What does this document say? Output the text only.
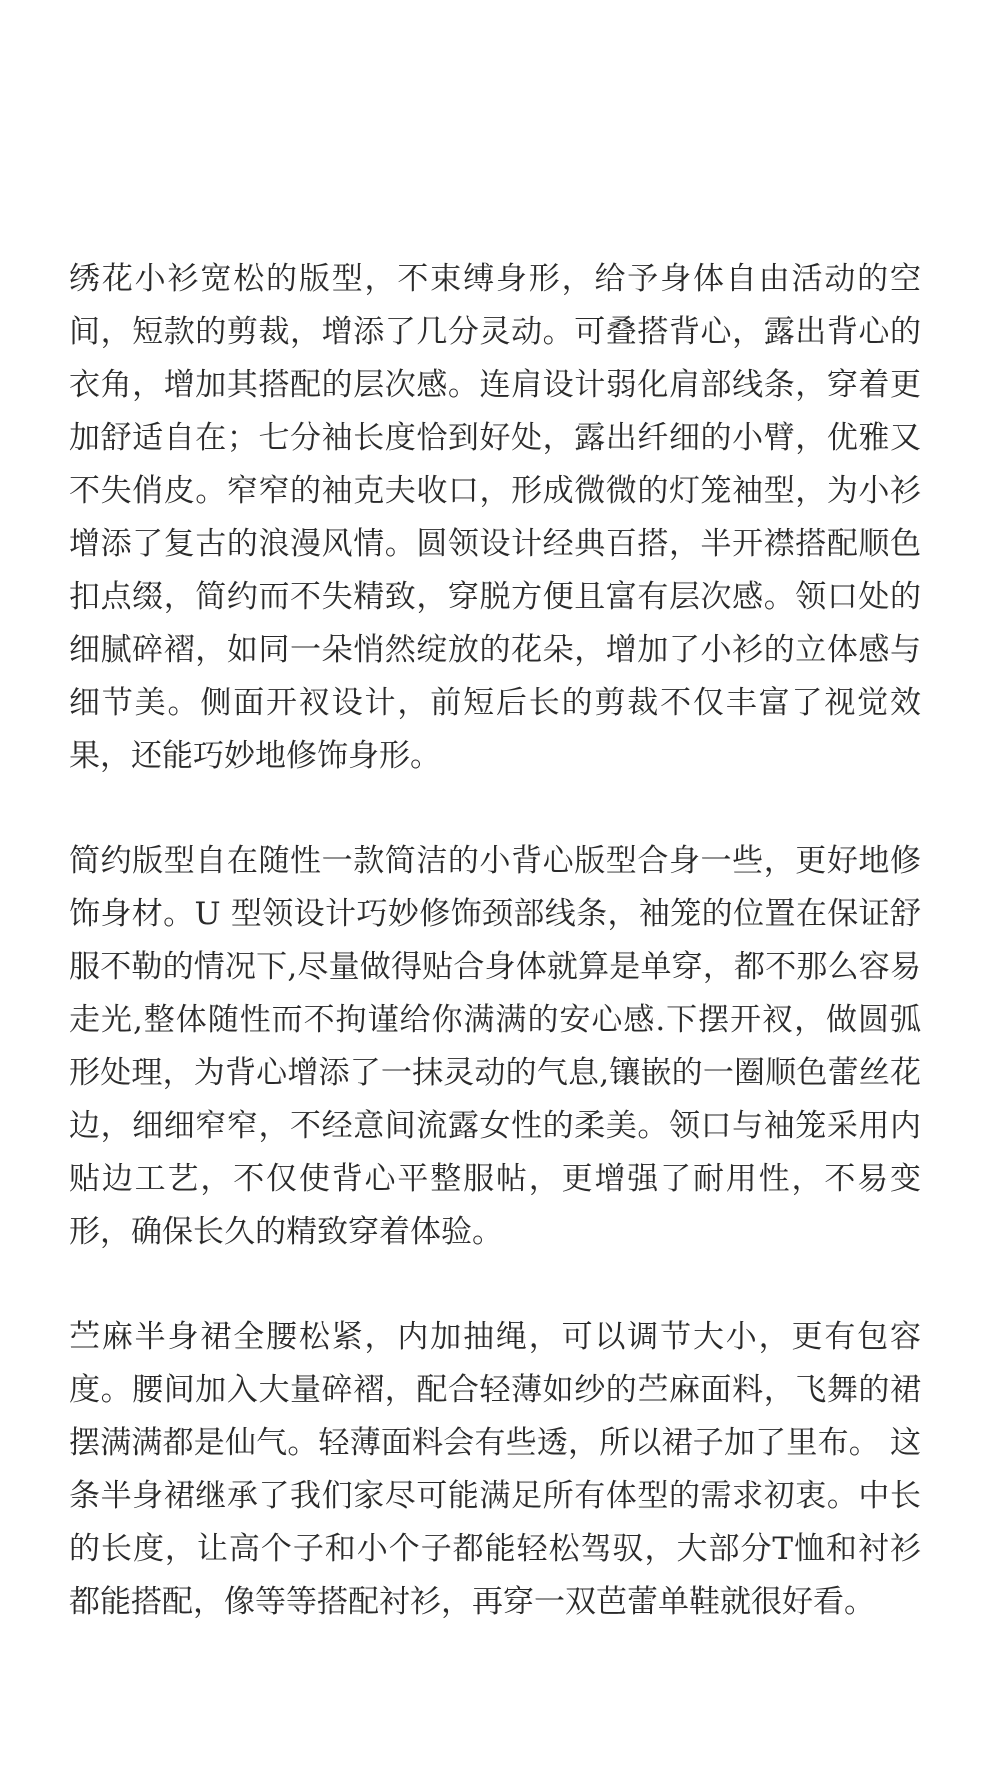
绣花小衫宽松的版型，不束缚身形，给予身体自由活动的空间，短款的剪裁，增添了几分灵动。可叠搭背心，露出背心的衣角，增加其搭配的层次感。连肩设计弱化肩部线条，穿着更加舒适自在；七分袖长度恰到好处，露出纤细的小臂，优雅又不失俏皮。窄窄的袖克夫收口，形成微微的灯笼袖型，为小衫增添了复古的浪漫风情。圆领设计经典百搭，半开襟搭配顺色扣点缀，简约而不失精致，穿脱方便且富有层次感。领口处的细腻碎褶，如同一朵悄然绽放的花朵，增加了小衫的立体感与细节美。侧面开衩设计，前短后长的剪裁不仅丰富了视觉效果，还能巧妙地修饰身形。

简约版型自在随性一款简洁的小背心版型合身一些，更好地修饰身材。U 型领设计巧妙修饰颈部线条，袖笼的位置在保证舒服不勒的情况下,尽量做得贴合身体就算是单穿，都不那么容易走光,整体随性而不拘谨给你满满的安心感.下摆开衩，做圆弧形处理，为背心增添了一抹灵动的气息,镶嵌的一圈顺色蕾丝花边，细细窄窄，不经意间流露女性的柔美。领口与袖笼采用内贴边工艺，不仅使背心平整服帖，更增强了耐用性，不易变形，确保长久的精致穿着体验。

苎麻半身裙全腰松紧，内加抽绳，可以调节大小，更有包容度。腰间加入大量碎褶，配合轻薄如纱的苎麻面料，飞舞的裙摆满满都是仙气。轻薄面料会有些透，所以裙子加了里布。 这条半身裙继承了我们家尽可能满足所有体型的需求初衷。中长的长度，让高个子和小个子都能轻松驾驭，大部分T恤和衬衫都能搭配，像等等搭配衬衫，再穿一双芭蕾单鞋就很好看。
